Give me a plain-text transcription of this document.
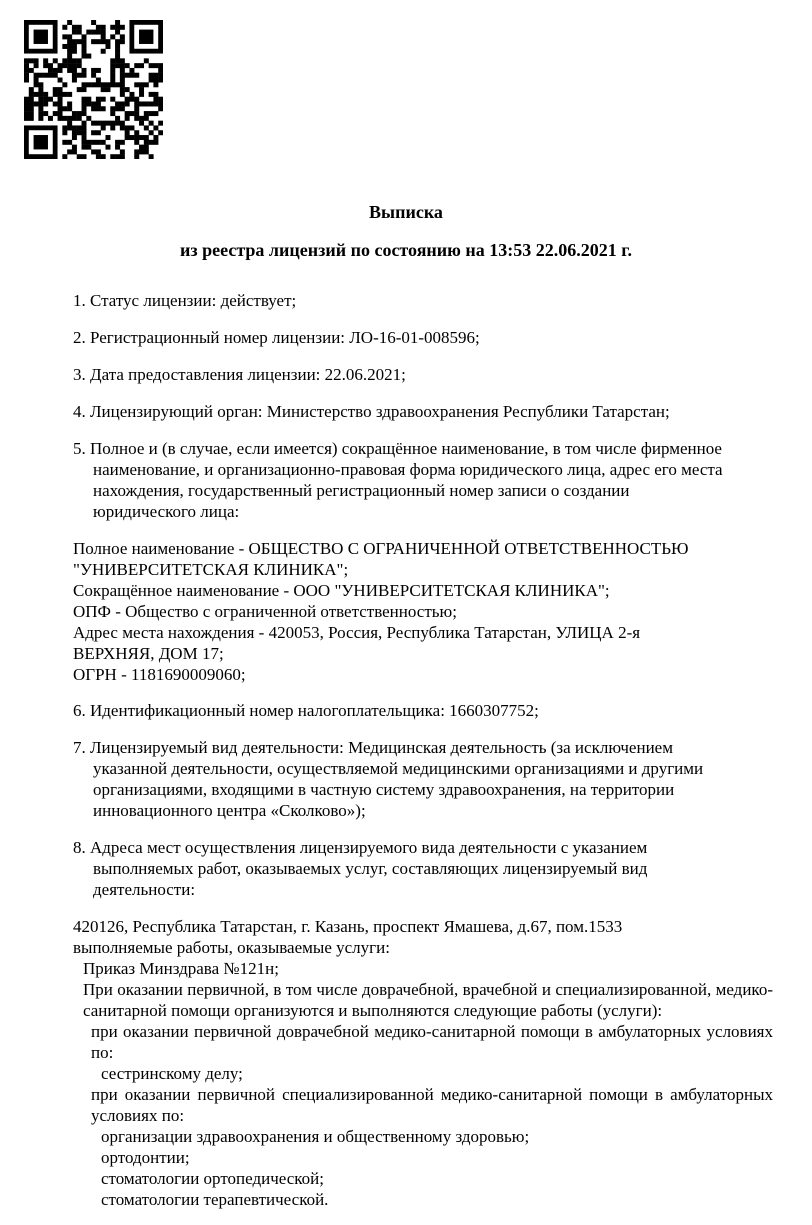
Выписка
из реестра лицензий по состоянию на 13:53 22.06.2021 г.

1. Статус лицензии: действует;

2. Регистрационный номер лицензии: ЛО-16-01-008596;

3. Дата предоставления лицензии: 22.06.2021;

4. Лицензирующий орган: Министерство здравоохранения Республики Татарстан;

5. Полное и (в случае, если имеется) сокращённое наименование, в том числе фирменное

наименование, и организационно-правовая форма юридического лица, адрес его места

нахождения, государственный регистрационный номер записи о создании

юридического лица:

Полное наименование - ОБЩЕСТВО С ОГРАНИЧЕННОЙ ОТВЕТСТВЕННОСТЬЮ

"УНИВЕРСИТЕТСКАЯ КЛИНИКА";

Сокращённое наименование - ООО "УНИВЕРСИТЕТСКАЯ КЛИНИКА";

ОПФ - Общество с ограниченной ответственностью;

Адрес места нахождения - 420053, Россия, Республика Татарстан, УЛИЦА 2-я

ВЕРХНЯЯ, ДОМ 17;

ОГРН - 1181690009060;

6. Идентификационный номер налогоплательщика: 1660307752;

7. Лицензируемый вид деятельности: Медицинская деятельность (за исключением

указанной деятельности, осуществляемой медицинскими организациями и другими

организациями, входящими в частную систему здравоохранения, на территории

инновационного центра «Сколково»);

8. Адреса мест осуществления лицензируемого вида деятельности с указанием

выполняемых работ, оказываемых услуг, составляющих лицензируемый вид

деятельности:

420126, Республика Татарстан, г. Казань, проспект Ямашева, д.67, пом.1533

выполняемые работы, оказываемые услуги:

Приказ Минздрава №121н;

При оказании первичной, в том числе доврачебной, врачебной и специализированной, медико-санитарной помощи организуются и выполняются следующие работы (услуги):

при оказании первичной доврачебной медико-санитарной помощи в амбулаторных условиях по:

сестринскому делу;

при оказании первичной специализированной медико-санитарной помощи в амбулаторных условиях по:

организации здравоохранения и общественному здоровью;

ортодонтии;

стоматологии ортопедической;

стоматологии терапевтической.
